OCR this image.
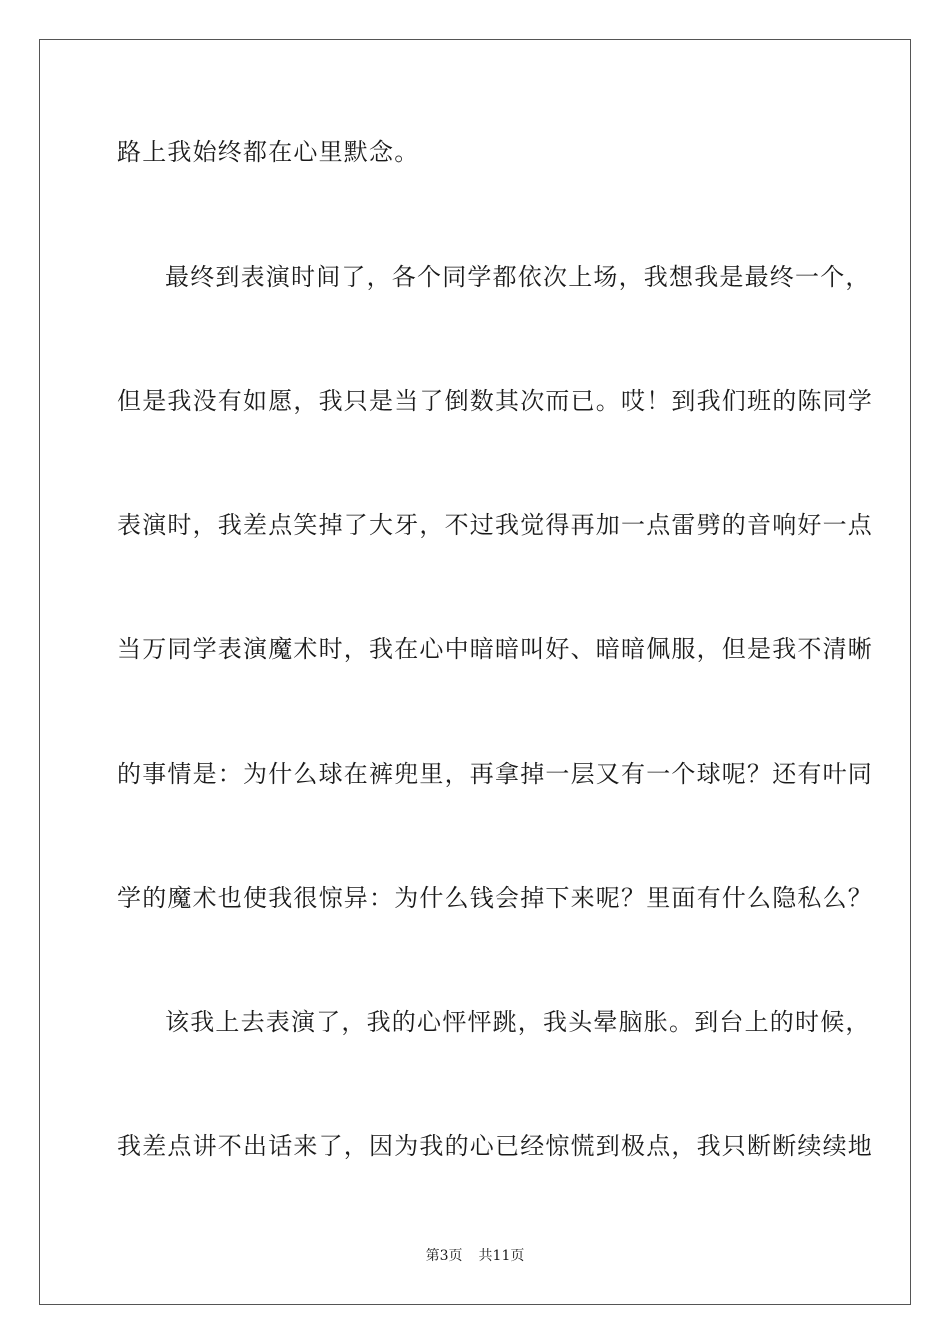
路上我始终都在心里默念。
最终到表演时间了，各个同学都依次上场，我想我是最终一个，
但是我没有如愿，我只是当了倒数其次而已。哎！到我们班的陈同学
表演时，我差点笑掉了大牙，不过我觉得再加一点雷劈的音响好一点
当万同学表演魔术时，我在心中暗暗叫好、暗暗佩服，但是我不清晰
的事情是：为什么球在裤兜里，再拿掉一层又有一个球呢？还有叶同
学的魔术也使我很惊异：为什么钱会掉下来呢？里面有什么隐私么？
该我上去表演了，我的心怦怦跳，我头晕脑胀。到台上的时候，
我差点讲不出话来了，因为我的心已经惊慌到极点，我只断断续续地
第3页 共11页
